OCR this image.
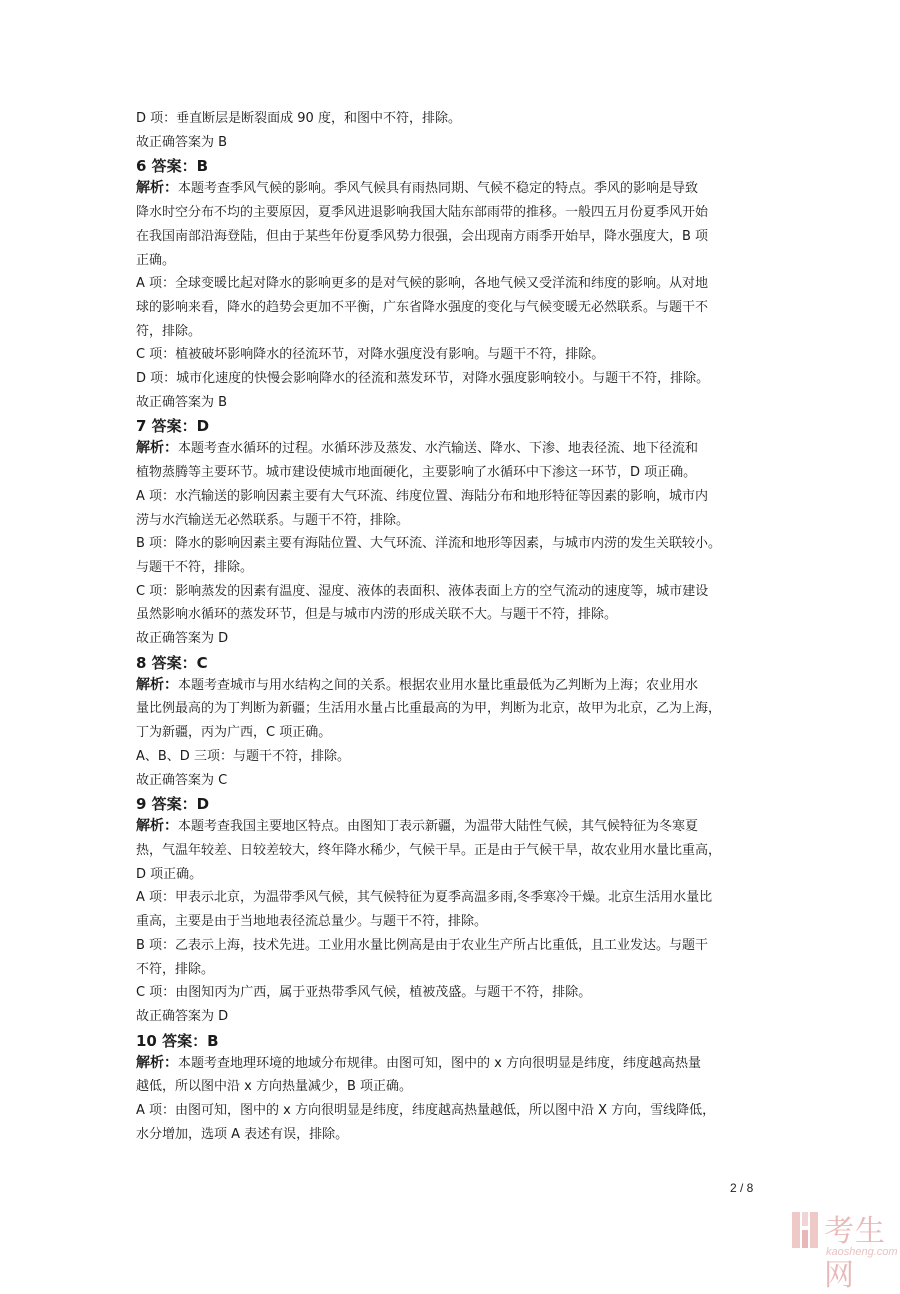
D 项：垂直断层是断裂面成 90 度，和图中不符，排除。
故正确答案为 B
6 答案：B
解析：本题考查季风气候的影响。季风气候具有雨热同期、气候不稳定的特点。季风的影响是导致
降水时空分布不均的主要原因，夏季风进退影响我国大陆东部雨带的推移。一般四五月份夏季风开始
在我国南部沿海登陆，但由于某些年份夏季风势力很强，会出现南方雨季开始早，降水强度大，B 项
正确。
A 项：全球变暖比起对降水的影响更多的是对气候的影响，各地气候又受洋流和纬度的影响。从对地
球的影响来看，降水的趋势会更加不平衡，广东省降水强度的变化与气候变暖无必然联系。与题干不
符，排除。
C 项：植被破坏影响降水的径流环节，对降水强度没有影响。与题干不符，排除。
D 项：城市化速度的快慢会影响降水的径流和蒸发环节，对降水强度影响较小。与题干不符，排除。
故正确答案为 B
7 答案：D
解析：本题考查水循环的过程。水循环涉及蒸发、水汽输送、降水、下渗、地表径流、地下径流和
植物蒸腾等主要环节。城市建设使城市地面硬化，主要影响了水循环中下渗这一环节，D 项正确。
A 项：水汽输送的影响因素主要有大气环流、纬度位置、海陆分布和地形特征等因素的影响，城市内
涝与水汽输送无必然联系。与题干不符，排除。
B 项：降水的影响因素主要有海陆位置、大气环流、洋流和地形等因素，与城市内涝的发生关联较小。
与题干不符，排除。
C 项：影响蒸发的因素有温度、湿度、液体的表面积、液体表面上方的空气流动的速度等，城市建设
虽然影响水循环的蒸发环节，但是与城市内涝的形成关联不大。与题干不符，排除。
故正确答案为 D
8 答案：C
解析：本题考查城市与用水结构之间的关系。根据农业用水量比重最低为乙判断为上海；农业用水
量比例最高的为丁判断为新疆；生活用水量占比重最高的为甲，判断为北京，故甲为北京，乙为上海，
丁为新疆，丙为广西，C 项正确。
A、B、D 三项：与题干不符，排除。
故正确答案为 C
9 答案：D
解析：本题考查我国主要地区特点。由图知丁表示新疆，为温带大陆性气候，其气候特征为冬寒夏
热，气温年较差、日较差较大，终年降水稀少，气候干旱。正是由于气候干旱，故农业用水量比重高，
D 项正确。
A 项：甲表示北京，为温带季风气候，其气候特征为夏季高温多雨,冬季寒冷干燥。北京生活用水量比
重高，主要是由于当地地表径流总量少。与题干不符，排除。
B 项：乙表示上海，技术先进。工业用水量比例高是由于农业生产所占比重低，且工业发达。与题干
不符，排除。
C 项：由图知丙为广西，属于亚热带季风气候，植被茂盛。与题干不符，排除。
故正确答案为 D
10 答案：B
解析：本题考查地理环境的地域分布规律。由图可知，图中的 x 方向很明显是纬度，纬度越高热量
越低，所以图中沿 x 方向热量减少，B 项正确。
A 项：由图可知，图中的 x 方向很明显是纬度，纬度越高热量越低，所以图中沿 X 方向，雪线降低，
水分增加，选项 A 表述有误，排除。
2 / 8
考生网
kaosheng.com
